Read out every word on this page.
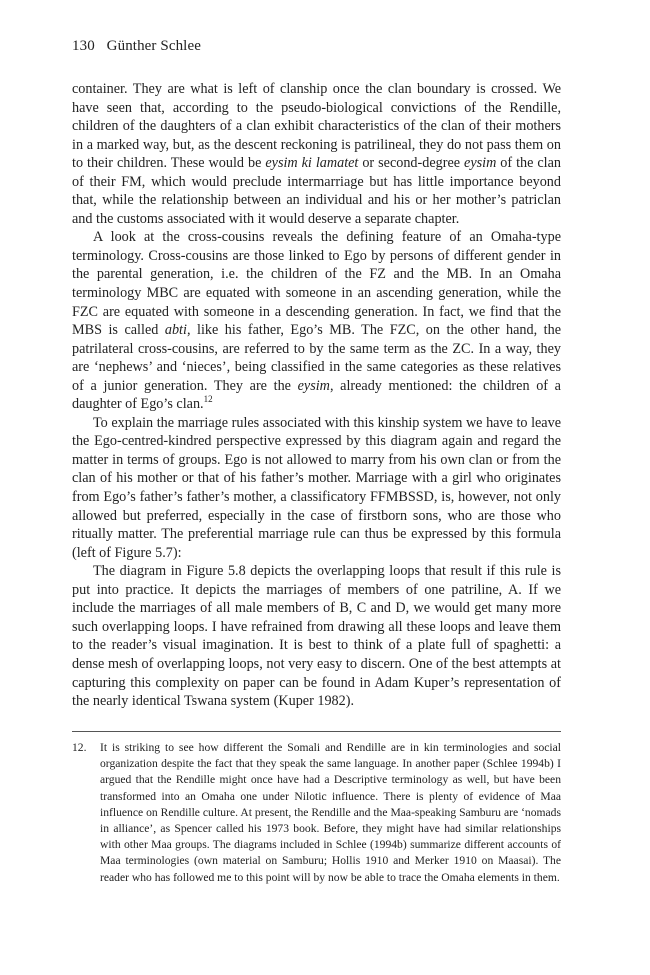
130 Günther Schlee

container. They are what is left of clanship once the clan boundary is crossed. We have seen that, according to the pseudo-biological convictions of the Rendille, children of the daughters of a clan exhibit characteristics of the clan of their mothers in a marked way, but, as the descent reckoning is patrilineal, they do not pass them on to their children. These would be eysim ki lamatet or second-degree eysim of the clan of their FM, which would preclude intermarriage but has little importance beyond that, while the relationship between an individual and his or her mother’s patriclan and the customs associated with it would deserve a separate chapter.

A look at the cross-cousins reveals the defining feature of an Omaha-type terminology. Cross-cousins are those linked to Ego by persons of different gender in the parental generation, i.e. the children of the FZ and the MB. In an Omaha terminology MBC are equated with someone in an ascending generation, while the FZC are equated with someone in a descending generation. In fact, we find that the MBS is called abti, like his father, Ego’s MB. The FZC, on the other hand, the patrilateral cross-cousins, are referred to by the same term as the ZC. In a way, they are ‘nephews’ and ‘nieces’, being classified in the same categories as these relatives of a junior generation. They are the eysim, already mentioned: the children of a daughter of Ego’s clan.$^{12}$

To explain the marriage rules associated with this kinship system we have to leave the Ego-centred-kindred perspective expressed by this diagram again and regard the matter in terms of groups. Ego is not allowed to marry from his own clan or from the clan of his mother or that of his father’s mother. Marriage with a girl who originates from Ego’s father’s father’s mother, a classificatory FFMBSSD, is, however, not only allowed but preferred, especially in the case of firstborn sons, who are those who ritually matter. The preferential marriage rule can thus be expressed by this formula (left of Figure 5.7):

The diagram in Figure 5.8 depicts the overlapping loops that result if this rule is put into practice. It depicts the marriages of members of one patriline, A. If we include the marriages of all male members of B, C and D, we would get many more such overlapping loops. I have refrained from drawing all these loops and leave them to the reader’s visual imagination. It is best to think of a plate full of spaghetti: a dense mesh of overlapping loops, not very easy to discern. One of the best attempts at capturing this complexity on paper can be found in Adam Kuper’s representation of the nearly identical Tswana system (Kuper 1982).

12.	It is striking to see how different the Somali and Rendille are in kin terminologies and social organization despite the fact that they speak the same language. In another paper (Schlee 1994b) I argued that the Rendille might once have had a Descriptive terminology as well, but have been transformed into an Omaha one under Nilotic influence. There is plenty of evidence of Maa influence on Rendille culture. At present, the Rendille and the Maa-speaking Samburu are ‘nomads in alliance’, as Spencer called his 1973 book. Before, they might have had similar relationships with other Maa groups. The diagrams included in Schlee (1994b) summarize different accounts of Maa terminologies (own material on Samburu; Hollis 1910 and Merker 1910 on Maasai). The reader who has followed me to this point will by now be able to trace the Omaha elements in them.
